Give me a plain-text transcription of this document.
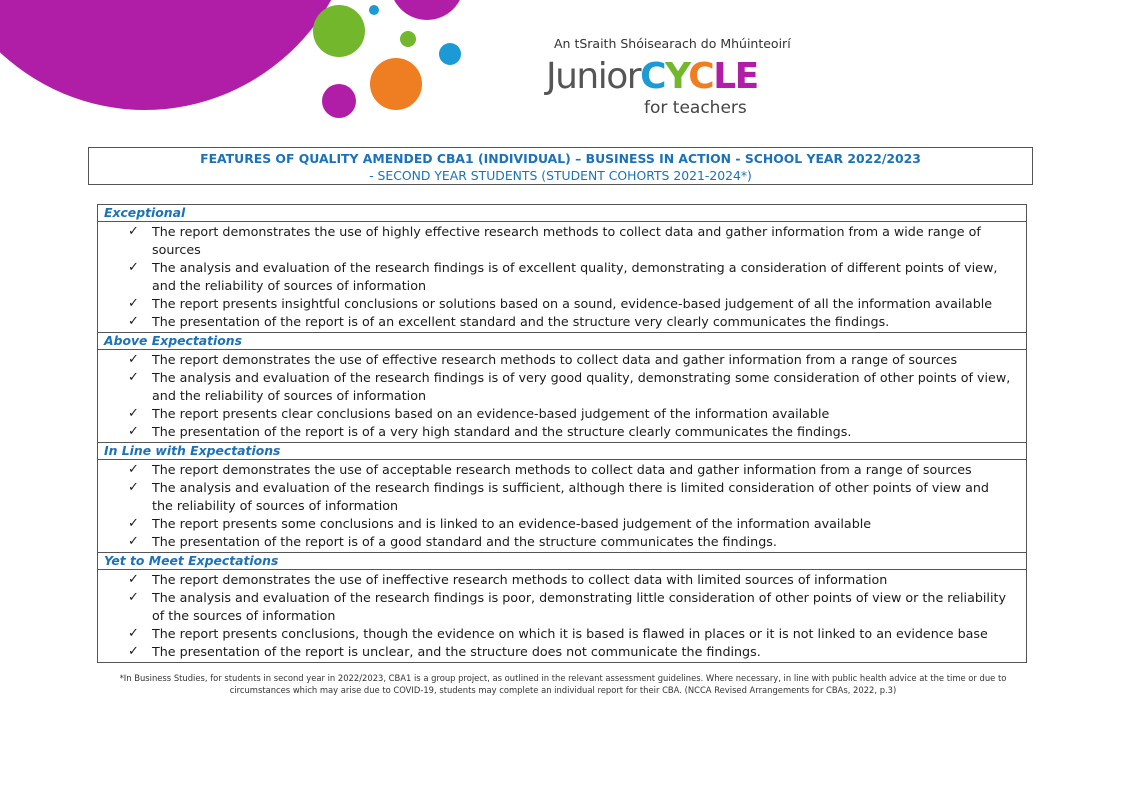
An tSraith Shóisearach do Mhúinteoirí
JuniorCYCLE
for teachers
FEATURES OF QUALITY AMENDED CBA1 (INDIVIDUAL) – BUSINESS IN ACTION - SCHOOL YEAR 2022/2023
- SECOND YEAR STUDENTS (STUDENT COHORTS 2021-2024*)
Exceptional

✓ The report demonstrates the use of highly effective research methods to collect data and gather information from a wide range of sources
✓ The analysis and evaluation of the research findings is of excellent quality, demonstrating a consideration of different points of view, and the reliability of sources of information
✓ The report presents insightful conclusions or solutions based on a sound, evidence-based judgement of all the information available
✓ The presentation of the report is of an excellent standard and the structure very clearly communicates the findings.

Above Expectations

✓ The report demonstrates the use of effective research methods to collect data and gather information from a range of sources
✓ The analysis and evaluation of the research findings is of very good quality, demonstrating some consideration of other points of view, and the reliability of sources of information
✓ The report presents clear conclusions based on an evidence-based judgement of the information available
✓ The presentation of the report is of a very high standard and the structure clearly communicates the findings.

In Line with Expectations

✓ The report demonstrates the use of acceptable research methods to collect data and gather information from a range of sources
✓ The analysis and evaluation of the research findings is sufficient, although there is limited consideration of other points of view and the reliability of sources of information
✓ The report presents some conclusions and is linked to an evidence-based judgement of the information available
✓ The presentation of the report is of a good standard and the structure communicates the findings.

Yet to Meet Expectations

✓ The report demonstrates the use of ineffective research methods to collect data with limited sources of information
✓ The analysis and evaluation of the research findings is poor, demonstrating little consideration of other points of view or the reliability of the sources of information
✓ The report presents conclusions, though the evidence on which it is based is flawed in places or it is not linked to an evidence base
✓ The presentation of the report is unclear, and the structure does not communicate the findings.
*In Business Studies, for students in second year in 2022/2023, CBA1 is a group project, as outlined in the relevant assessment guidelines. Where necessary, in line with public health advice at the time or due to circumstances which may arise due to COVID-19, students may complete an individual report for their CBA. (NCCA Revised Arrangements for CBAs, 2022, p.3)
